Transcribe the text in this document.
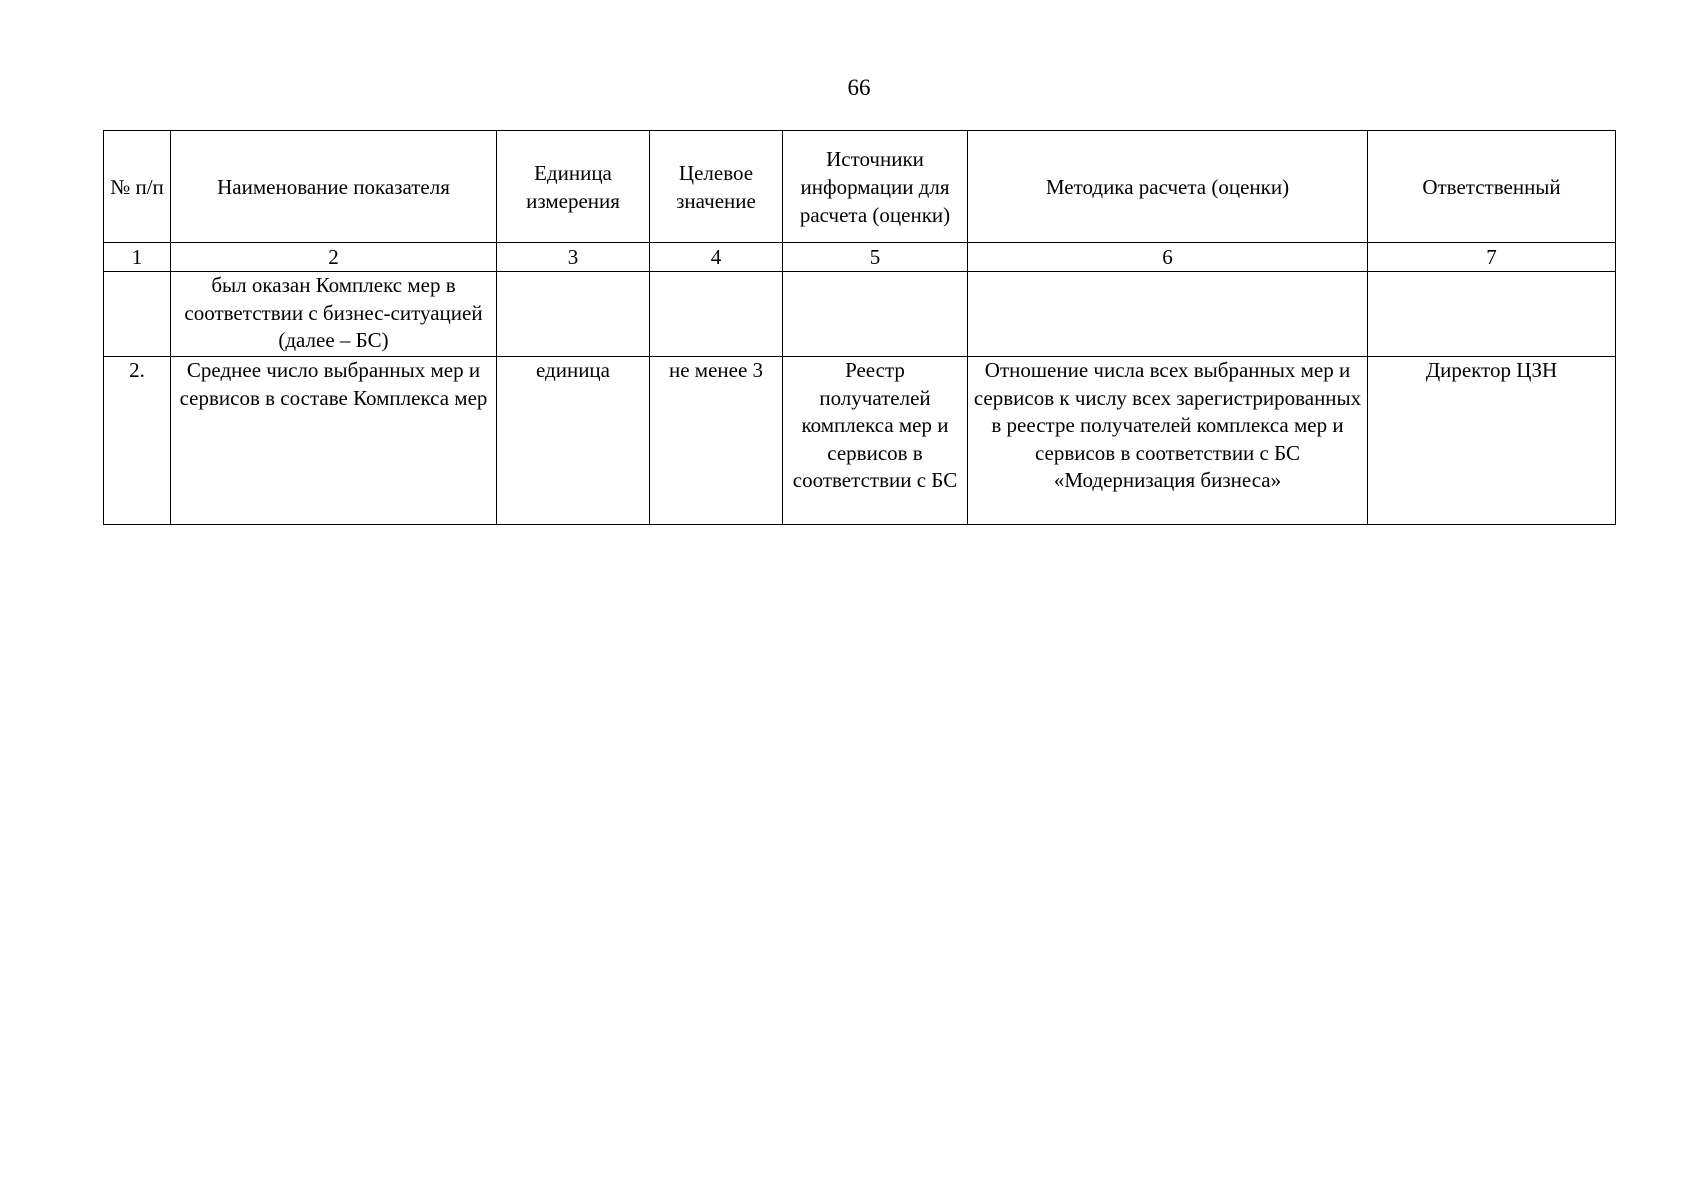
66
№ п/п	Наименование показателя	Единица измерения	Целевое значение	Источники информации для расчета (оценки)	Методика расчета (оценки)	Ответственный
1	2	3	4	5	6	7
	был оказан Комплекс мер в соответствии с бизнес-ситуацией (далее – БС)					
2.	Среднее число выбранных мер и сервисов в составе Комплекса мер	единица	не менее 3	Реестр получателей комплекса мер и сервисов в соответствии с БС	Отношение числа всех выбранных мер и сервисов к числу всех зарегистрированных в реестре получателей комплекса мер и сервисов в соответствии с БС «Модернизация бизнеса»	Директор ЦЗН
